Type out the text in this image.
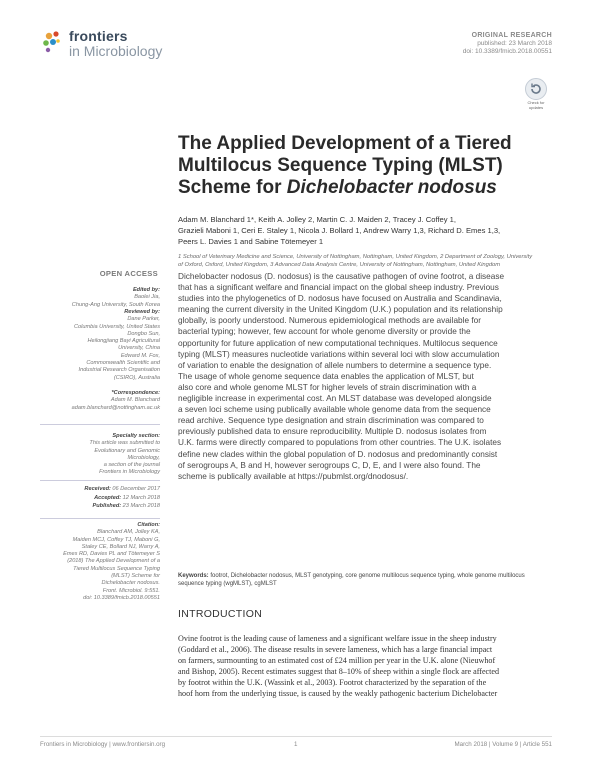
frontiers
in Microbiology
ORIGINAL RESEARCH
published: 23 March 2018
doi: 10.3389/fmicb.2018.00551
Check for updates
The Applied Development of a Tiered
Multilocus Sequence Typing (MLST)
Scheme for Dichelobacter nodosus
Adam M. Blanchard 1*, Keith A. Jolley 2, Martin C. J. Maiden 2, Tracey J. Coffey 1,
Grazieli Maboni 1, Ceri E. Staley 1, Nicola J. Bollard 1, Andrew Warry 1,3, Richard D. Emes 1,3,
Peers L. Davies 1 and Sabine Tötemeyer 1
1 School of Veterinary Medicine and Science, University of Nottingham, Nottingham, United Kingdom, 2 Department of Zoology, University of Oxford, Oxford, United Kingdom, 3 Advanced Data Analysis Centre, University of Nottingham, Nottingham, United Kingdom
OPEN ACCESS
Edited by:
Baolei Jia,
Chung-Ang University, South Korea
Reviewed by:
Dane Parker,
Columbia University, United States
Dongbo Sun,
Heilongjiang Bayi Agricultural
University, China
Edward M. Fox,
Commonwealth Scientific and
Industrial Research Organisation
(CSIRO), Australia
*Correspondence:
Adam M. Blanchard
adam.blanchard@nottingham.ac.uk
Specialty section:
This article was submitted to
Evolutionary and Genomic
Microbiology,
a section of the journal
Frontiers in Microbiology
Received: 06 December 2017
Accepted: 12 March 2018
Published: 23 March 2018
Citation:
Blanchard AM, Jolley KA,
Maiden MCJ, Coffey TJ, Maboni G,
Staley CE, Bollard NJ, Warry A,
Emes RD, Davies PL and Tötemeyer S
(2018) The Applied Development of a
Tiered Multilocus Sequence Typing
(MLST) Scheme for
Dichelobacter nodosus.
Front. Microbiol. 9:551.
doi: 10.3389/fmicb.2018.00551
Dichelobacter nodosus (D. nodosus) is the causative pathogen of ovine footrot, a disease
that has a significant welfare and financial impact on the global sheep industry. Previous
studies into the phylogenetics of D. nodosus have focused on Australia and Scandinavia,
meaning the current diversity in the United Kingdom (U.K.) population and its relationship
globally, is poorly understood. Numerous epidemiological methods are available for
bacterial typing; however, few account for whole genome diversity or provide the
opportunity for future application of new computational techniques. Multilocus sequence
typing (MLST) measures nucleotide variations within several loci with slow accumulation
of variation to enable the designation of allele numbers to determine a sequence type.
The usage of whole genome sequence data enables the application of MLST, but
also core and whole genome MLST for higher levels of strain discrimination with a
negligible increase in experimental cost. An MLST database was developed alongside
a seven loci scheme using publically available whole genome data from the sequence
read archive. Sequence type designation and strain discrimination was compared to
previously published data to ensure reproducibility. Multiple D. nodosus isolates from
U.K. farms were directly compared to populations from other countries. The U.K. isolates
define new clades within the global population of D. nodosus and predominantly consist
of serogroups A, B and H, however serogroups C, D, E, and I were also found. The
scheme is publically available at https://pubmlst.org/dnodosus/.
Keywords: footrot, Dichelobacter nodosus, MLST genotyping, core genome multilocus sequence typing, whole genome multilocus sequence typing (wgMLST), cgMLST
INTRODUCTION
Ovine footrot is the leading cause of lameness and a significant welfare issue in the sheep industry
(Goddard et al., 2006). The disease results in severe lameness, which has a large financial impact
on farmers, surmounting to an estimated cost of £24 million per year in the U.K. alone (Nieuwhof
and Bishop, 2005). Recent estimates suggest that 8–10% of sheep within a single flock are affected
by footrot within the U.K. (Wassink et al., 2003). Footrot characterized by the separation of the
hoof horn from the underlying tissue, is caused by the weakly pathogenic bacterium Dichelobacter
Frontiers in Microbiology | www.frontiersin.org	1	March 2018 | Volume 9 | Article 551
